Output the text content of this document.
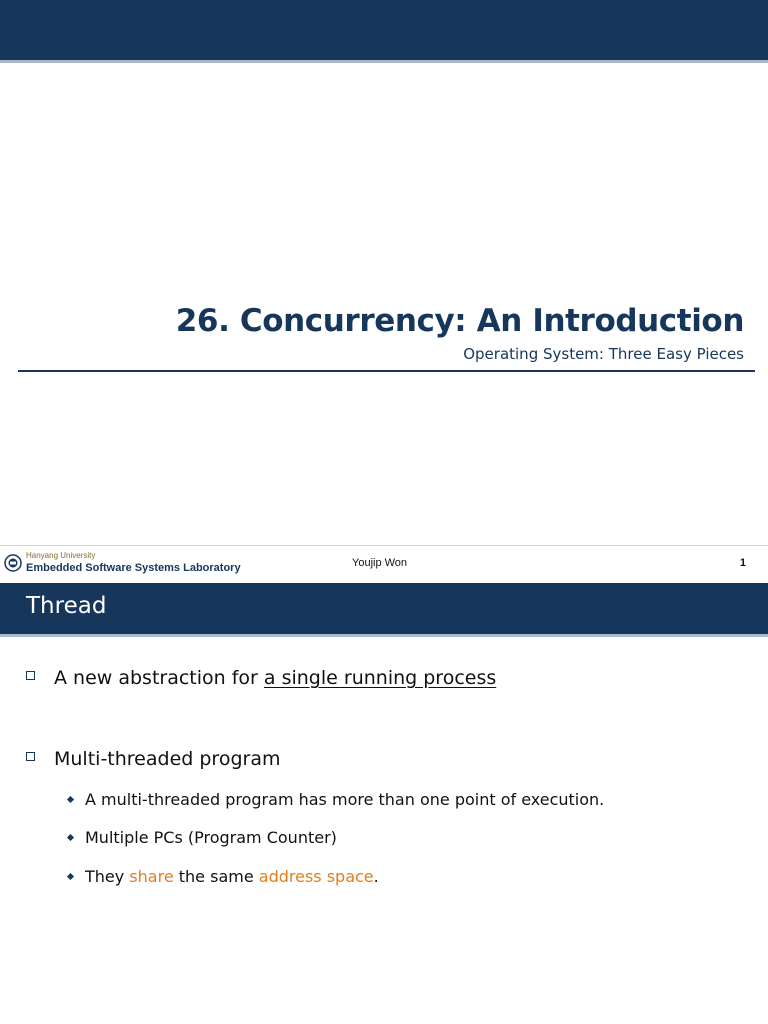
26. Concurrency: An Introduction
Operating System: Three Easy Pieces
Hanyang University
Embedded Software Systems Laboratory	Youjip Won	1
Thread
A new abstraction for a single running process
Multi-threaded program
A multi-threaded program has more than one point of execution.
Multiple PCs (Program Counter)
They share the same address space.
